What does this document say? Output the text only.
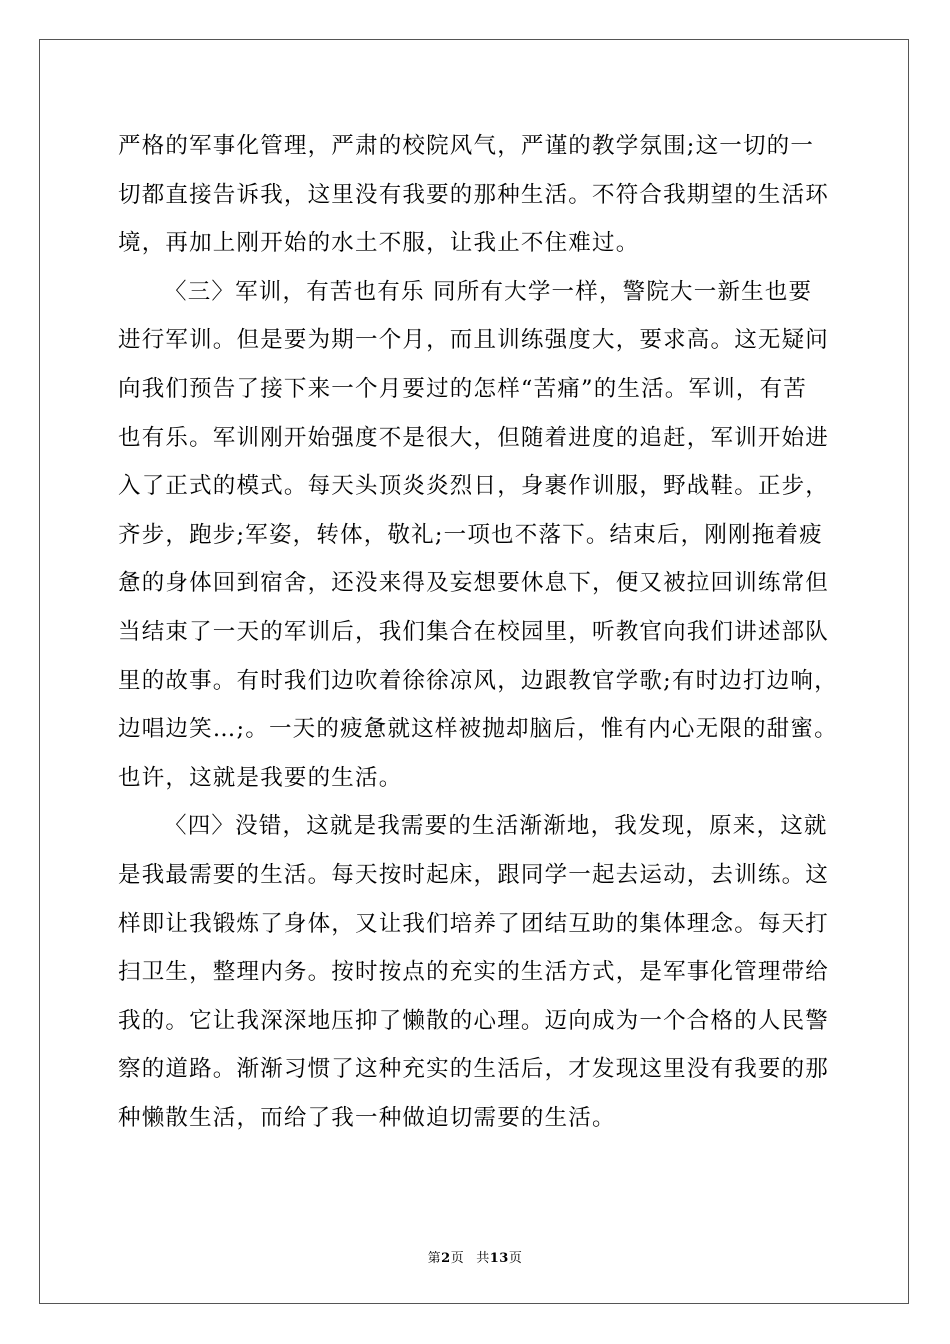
严格的军事化管理，严肃的校院风气，严谨的教学氛围;这一切的一
切都直接告诉我，这里没有我要的那种生活。不符合我期望的生活环
境，再加上刚开始的水土不服，让我止不住难过。
〈三〉军训，有苦也有乐 同所有大学一样，警院大一新生也要
进行军训。但是要为期一个月，而且训练强度大，要求高。这无疑问
向我们预告了接下来一个月要过的怎样“苦痛”的生活。军训，有苦
也有乐。军训刚开始强度不是很大，但随着进度的追赶，军训开始进
入了正式的模式。每天头顶炎炎烈日，身裹作训服，野战鞋。正步，
齐步，跑步;军姿，转体，敬礼;一项也不落下。结束后，刚刚拖着疲
惫的身体回到宿舍，还没来得及妄想要休息下，便又被拉回训练常但
当结束了一天的军训后，我们集合在校园里，听教官向我们讲述部队
里的故事。有时我们边吹着徐徐凉风，边跟教官学歌;有时边打边响，
边唱边笑…;。一天的疲惫就这样被抛却脑后，惟有内心无限的甜蜜。
也许，这就是我要的生活。
〈四〉没错，这就是我需要的生活渐渐地，我发现，原来，这就
是我最需要的生活。每天按时起床，跟同学一起去运动，去训练。这
样即让我锻炼了身体，又让我们培养了团结互助的集体理念。每天打
扫卫生，整理内务。按时按点的充实的生活方式，是军事化管理带给
我的。它让我深深地压抑了懒散的心理。迈向成为一个合格的人民警
察的道路。渐渐习惯了这种充实的生活后，才发现这里没有我要的那
种懒散生活，而给了我一种做迫切需要的生活。
第2页 共13页
